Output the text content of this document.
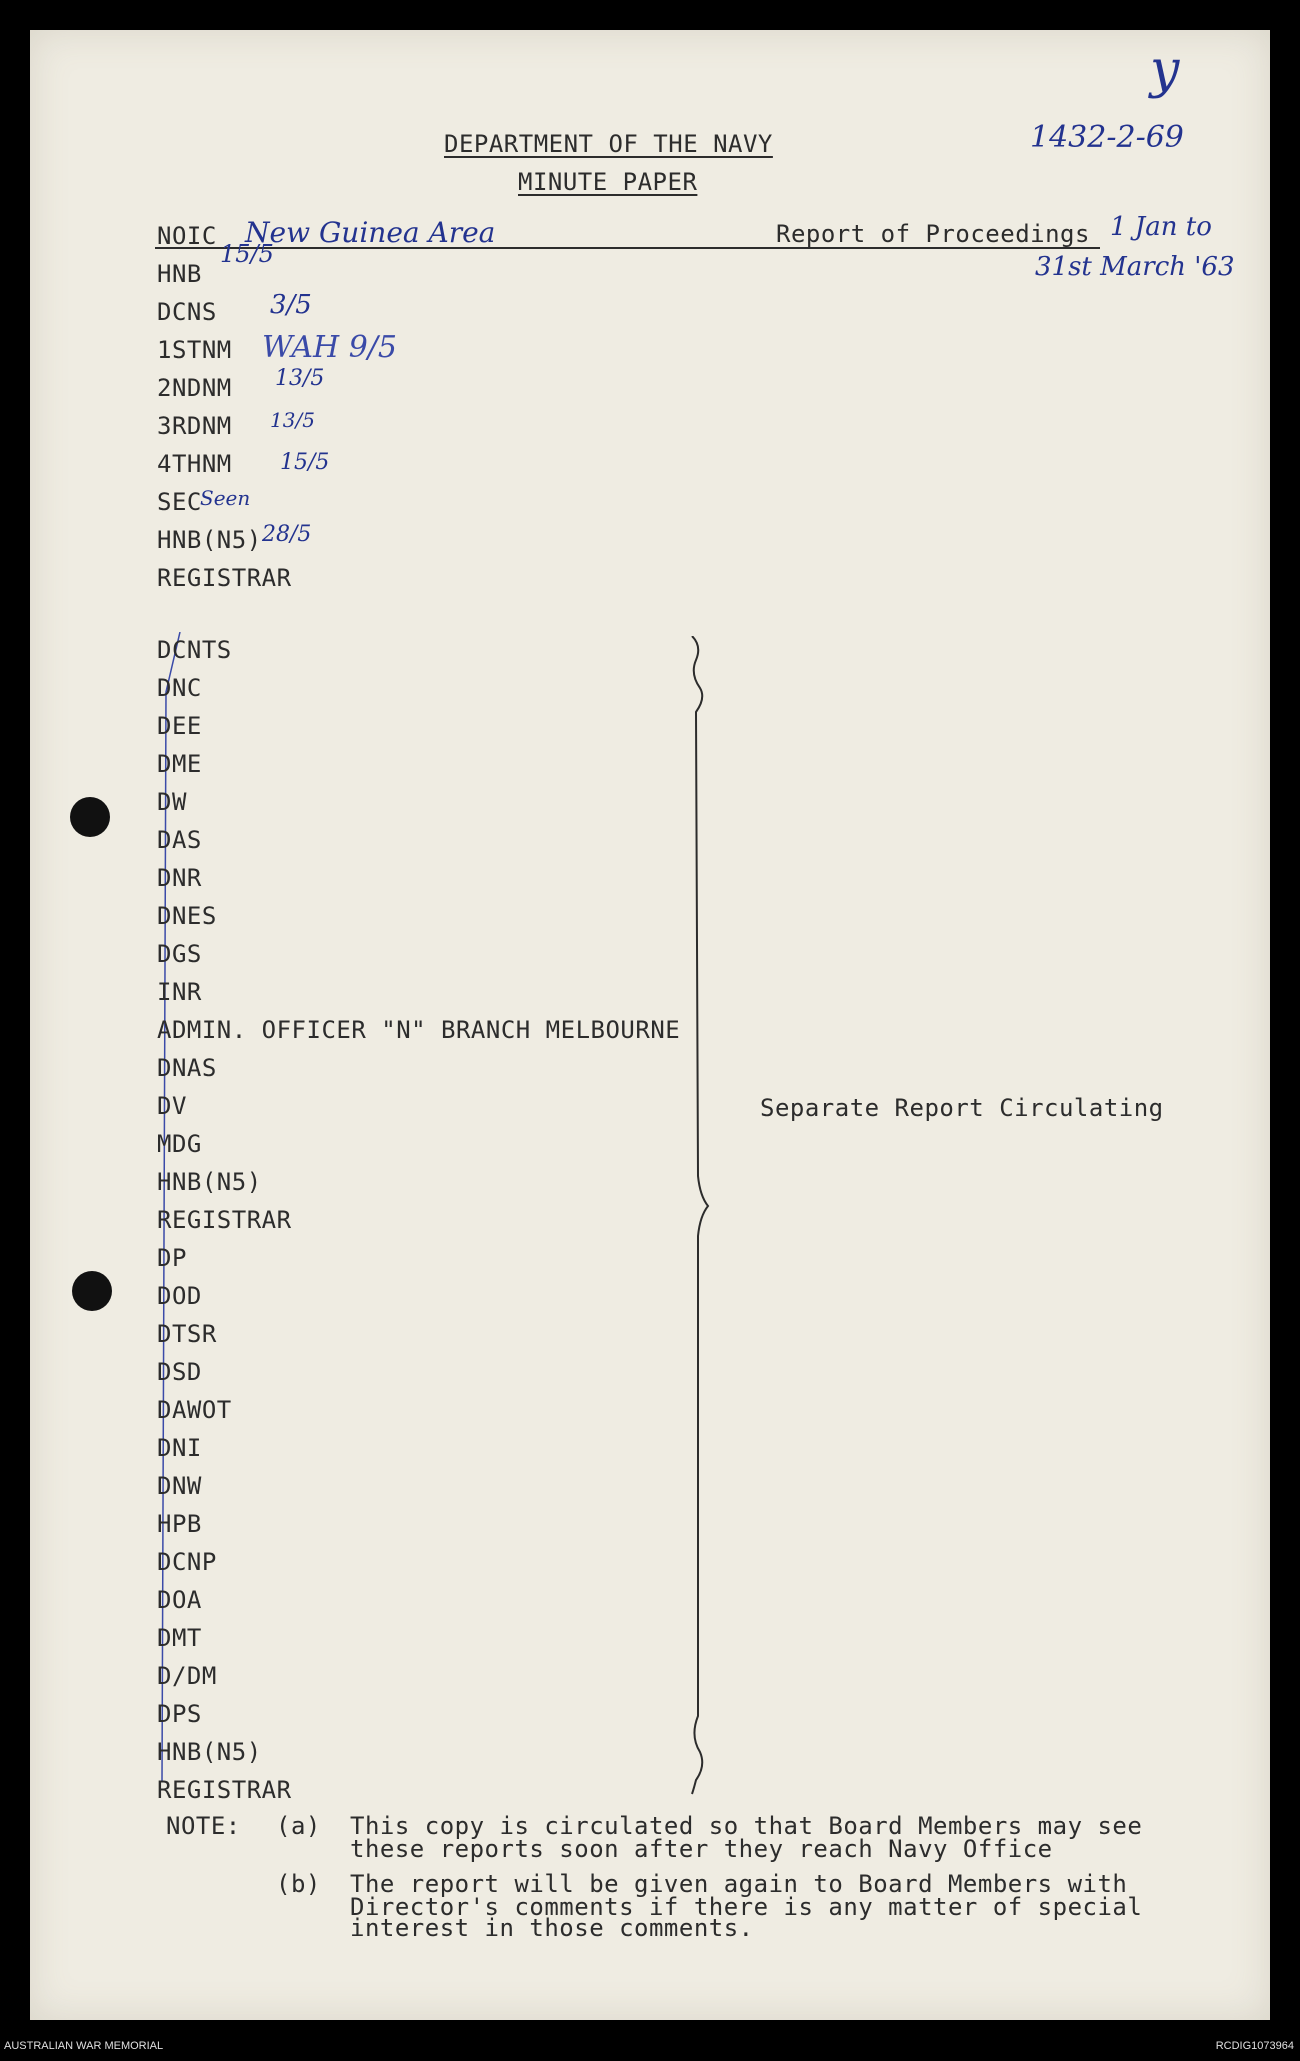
DEPARTMENT OF THE NAVY
MINUTE PAPER
1432-2-69
y
NOIC New Guinea Area	Report of Proceedings 1 Jan to
31st March '63
HNB
DCNS
1STNM
2NDNM
3RDNM
4THNM
SEC
HNB(N5)
REGISTRAR
15/5
3/5
WAH 9/5
13/5
13/5
15/5
Seen
28/5
DCNTS
DNC
DEE
DME
DW
DAS
DNR
DNES
DGS
INR
ADMIN. OFFICER "N" BRANCH MELBOURNE
DNAS
DV
MDG
HNB(N5)
REGISTRAR
DP
DOD
DTSR
DSD
DAWOT
DNI
DNW
HPB
DCNP
DOA
DMT
D/DM
DPS
HNB(N5)
REGISTRAR
Separate Report Circulating
NOTE: (a) This copy is circulated so that Board Members may see
these reports soon after they reach Navy Office
(b) The report will be given again to Board Members with
Director's comments if there is any matter of special
interest in those comments.
AUSTRALIAN WAR MEMORIAL	RCDIG1073964
